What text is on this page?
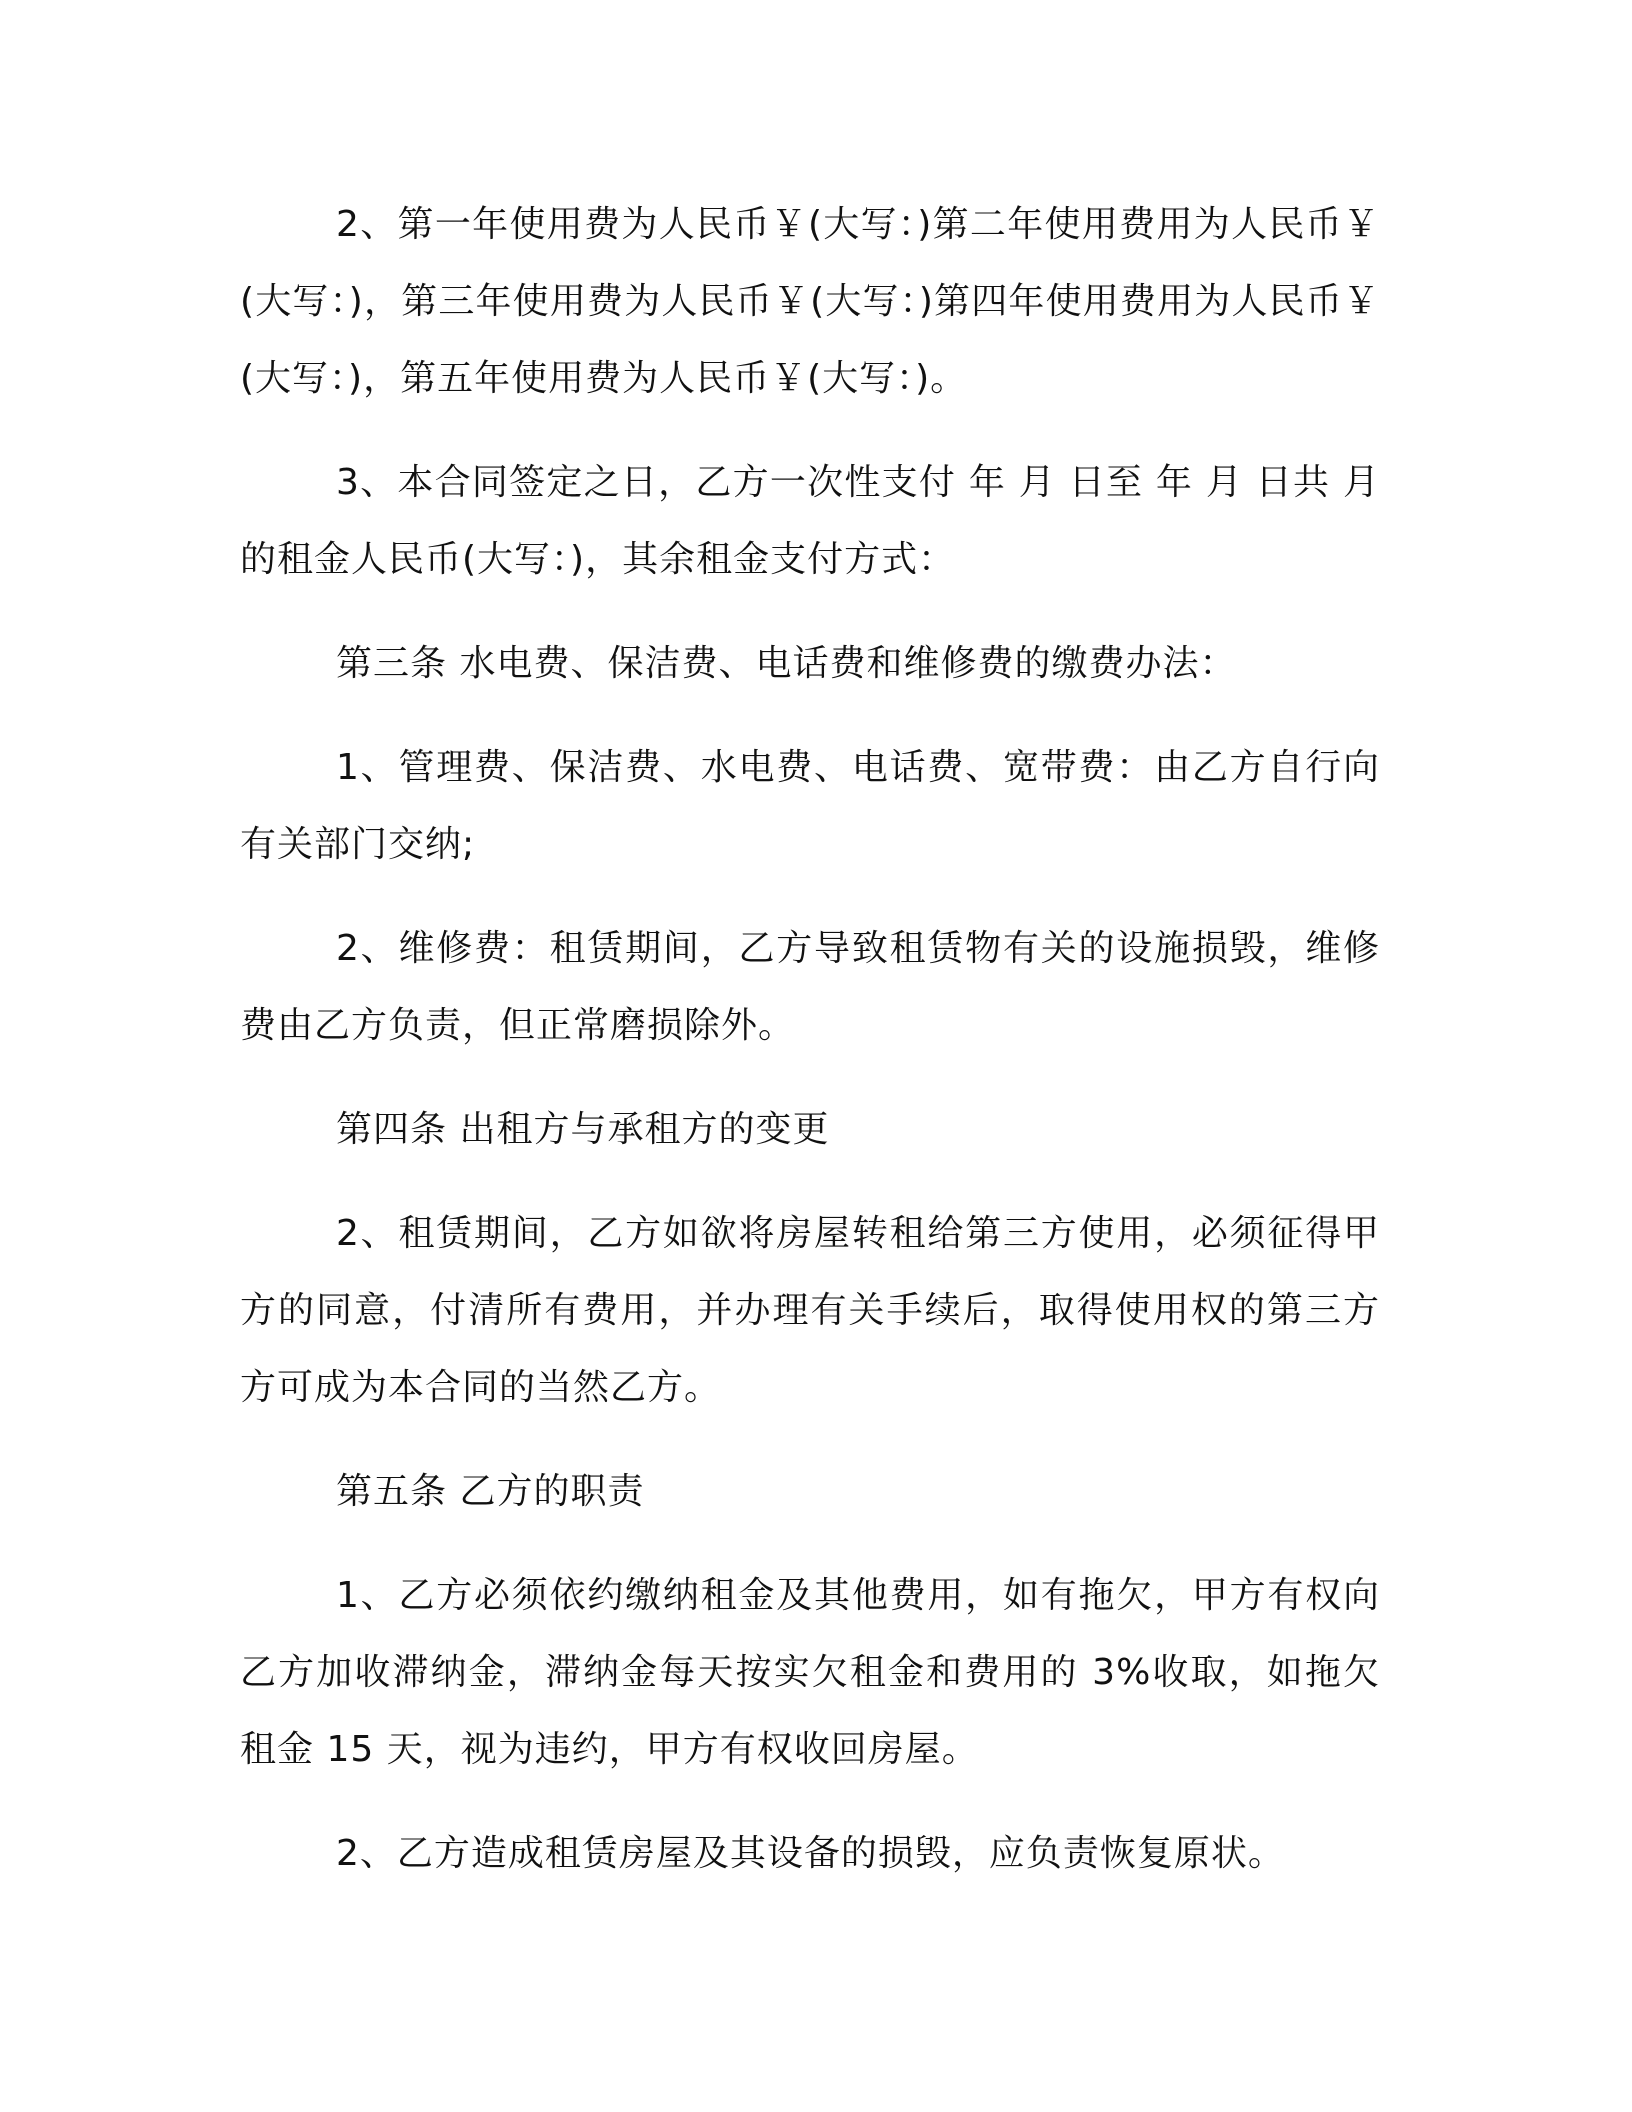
2、第一年使用费为人民币￥(大写：)第二年使用费用为人民币￥(大写：)，第三年使用费为人民币￥(大写：)第四年使用费用为人民币￥(大写：)，第五年使用费为人民币￥(大写：)。

3、本合同签定之日，乙方一次性支付 年 月 日至 年 月 日共 月的租金人民币(大写：)，其余租金支付方式：

第三条 水电费、保洁费、电话费和维修费的缴费办法：

1、管理费、保洁费、水电费、电话费、宽带费：由乙方自行向有关部门交纳;

2、维修费：租赁期间，乙方导致租赁物有关的设施损毁，维修费由乙方负责，但正常磨损除外。

第四条 出租方与承租方的变更

2、租赁期间，乙方如欲将房屋转租给第三方使用，必须征得甲方的同意，付清所有费用，并办理有关手续后，取得使用权的第三方方可成为本合同的当然乙方。

第五条 乙方的职责

1、乙方必须依约缴纳租金及其他费用，如有拖欠，甲方有权向乙方加收滞纳金，滞纳金每天按实欠租金和费用的 3%收取，如拖欠租金 15 天，视为违约，甲方有权收回房屋。

2、乙方造成租赁房屋及其设备的损毁，应负责恢复原状。
